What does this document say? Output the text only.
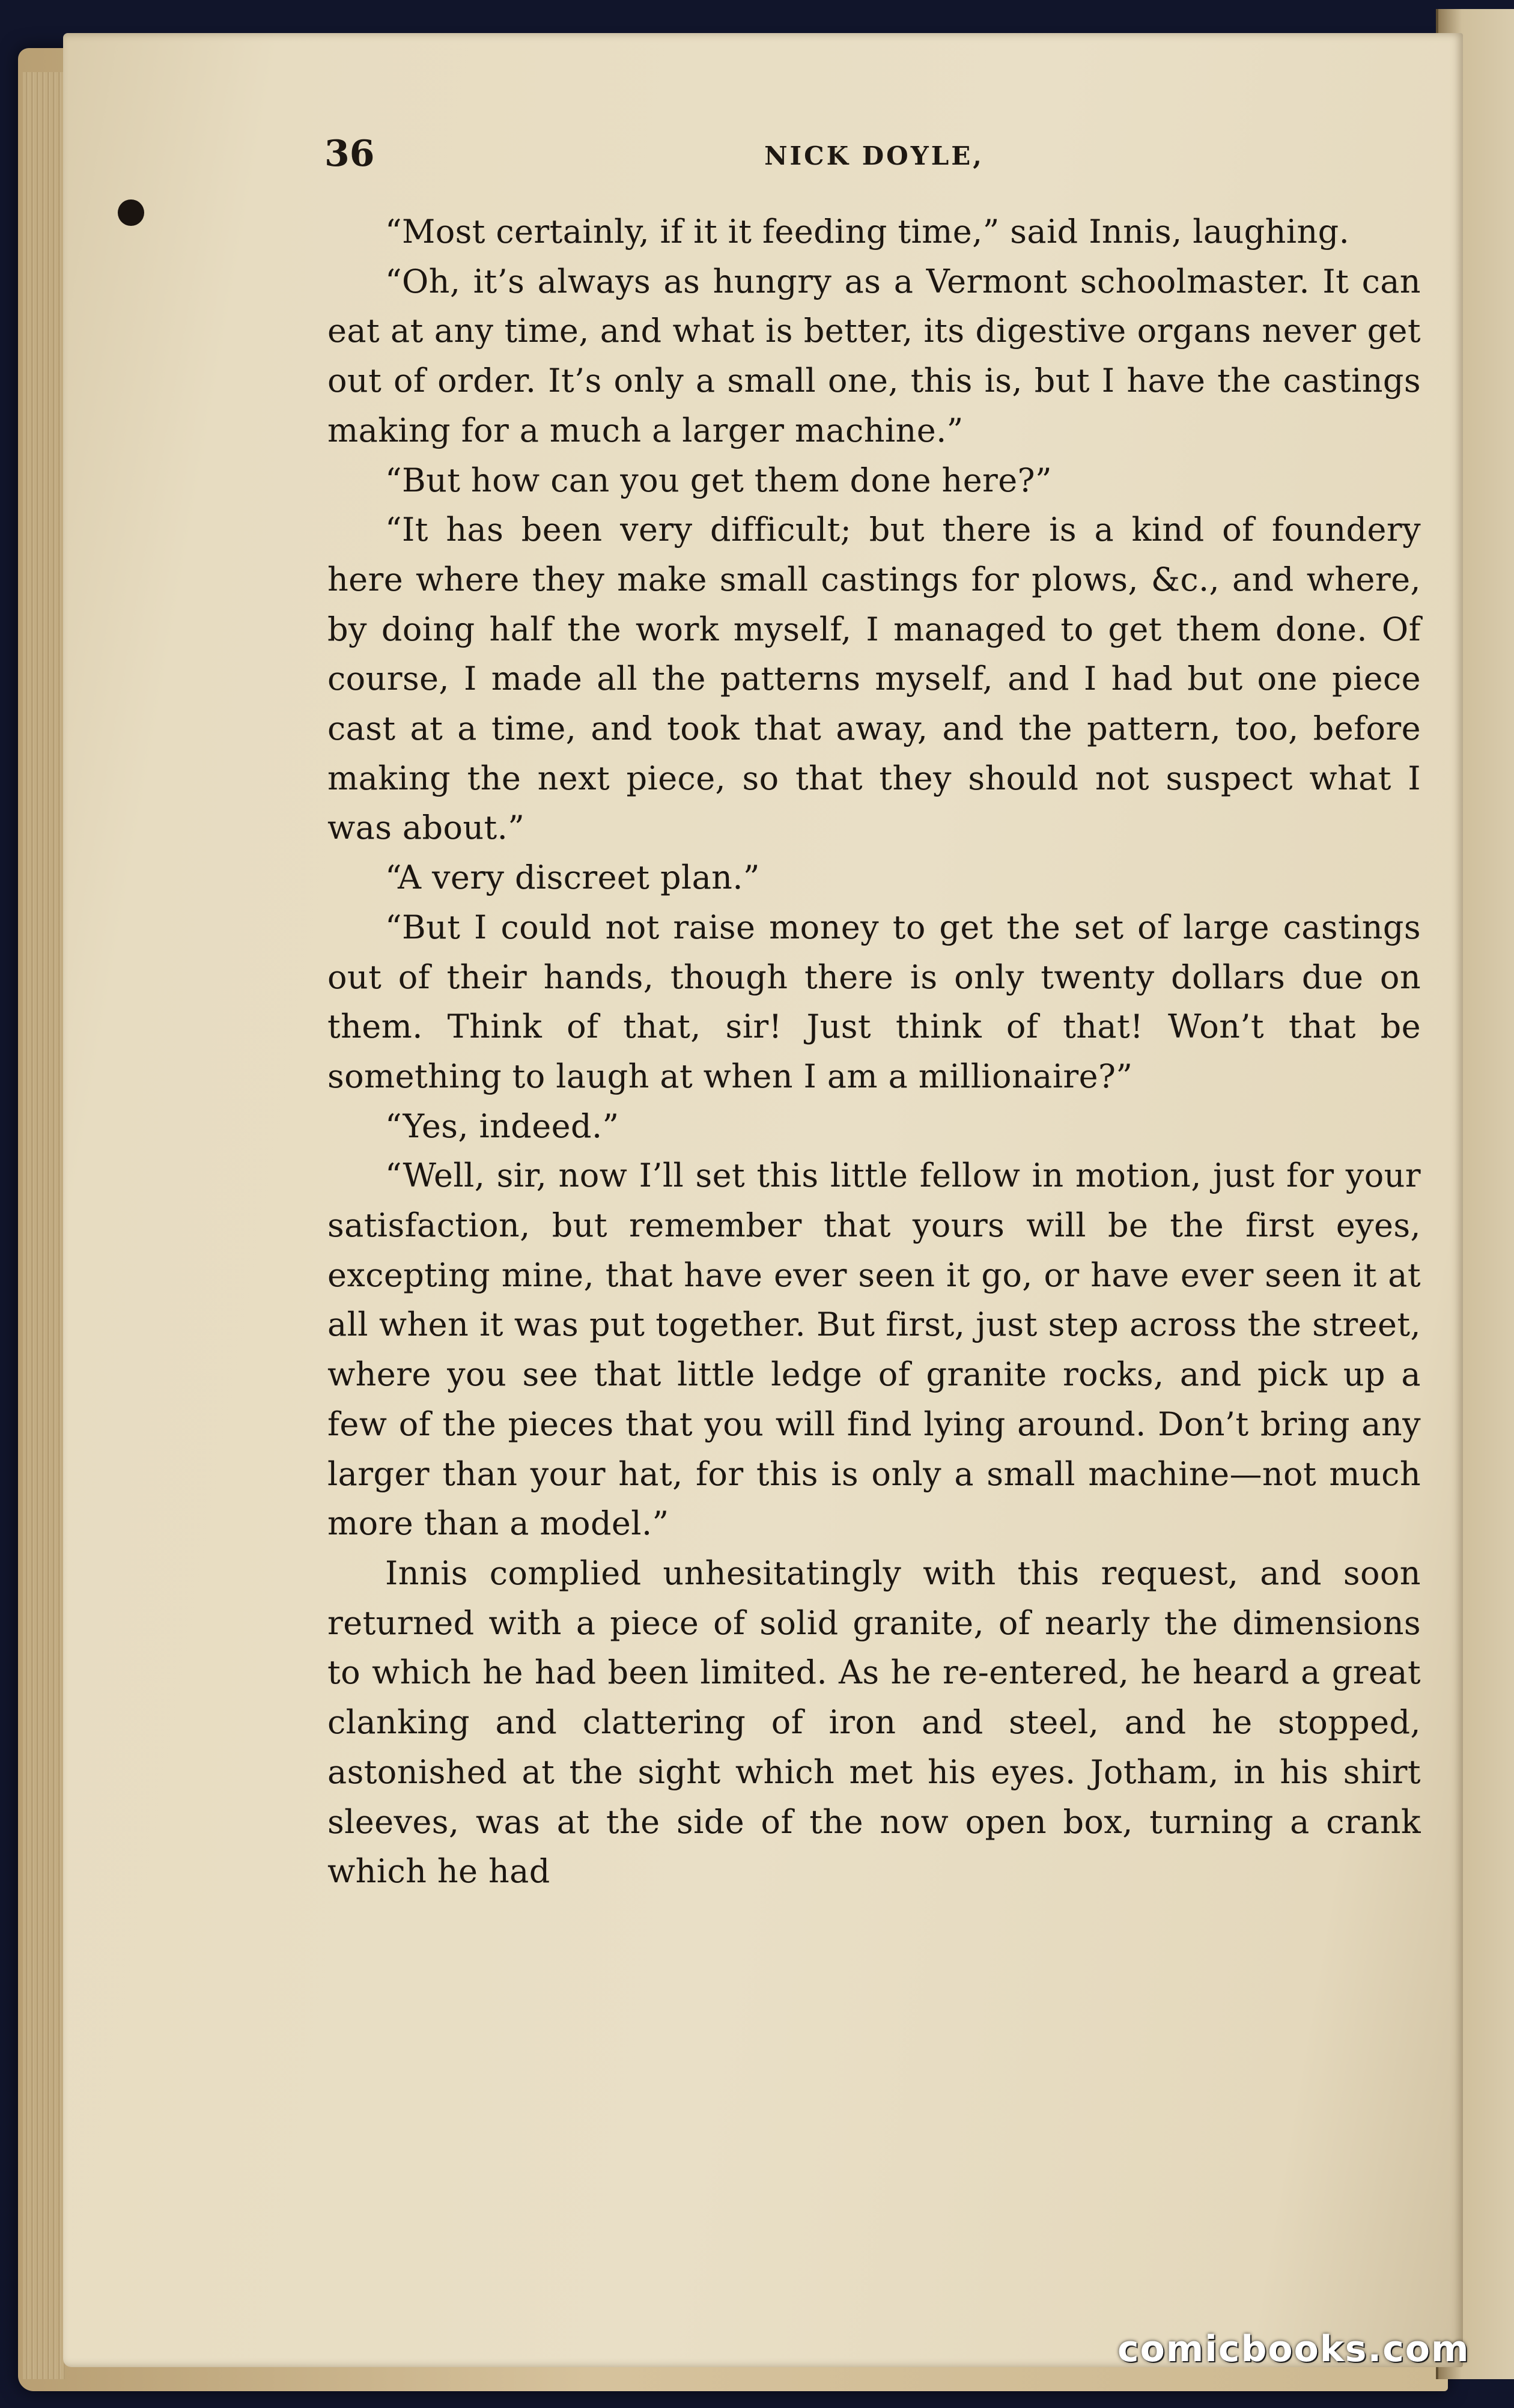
36	NICK DOYLE,

“Most certainly, if it it feeding time,” said Innis, laughing.

“Oh, it’s always as hungry as a Vermont schoolmaster. It can eat at any time, and what is better, its digestive organs never get out of order. It’s only a small one, this is, but I have the castings making for a much a larger machine.”

“But how can you get them done here?”

“It has been very difficult; but there is a kind of foundery here where they make small castings for plows, &c., and where, by doing half the work myself, I managed to get them done. Of course, I made all the patterns myself, and I had but one piece cast at a time, and took that away, and the pattern, too, before making the next piece, so that they should not suspect what I was about.”

“A very discreet plan.”

“But I could not raise money to get the set of large castings out of their hands, though there is only twenty dollars due on them. Think of that, sir! Just think of that! Won’t that be something to laugh at when I am a millionaire?”

“Yes, indeed.”

“Well, sir, now I’ll set this little fellow in motion, just for your satisfaction, but remember that yours will be the first eyes, excepting mine, that have ever seen it go, or have ever seen it at all when it was put together. But first, just step across the street, where you see that little ledge of granite rocks, and pick up a few of the pieces that you will find lying around. Don’t bring any larger than your hat, for this is only a small machine—not much more than a model.”

Innis complied unhesitatingly with this request, and soon returned with a piece of solid granite, of nearly the dimensions to which he had been limited. As he re-entered, he heard a great clanking and clattering of iron and steel, and he stopped, astonished at the sight which met his eyes. Jotham, in his shirt sleeves, was at the side of the now open box, turning a crank which he had

comicbooks.com
